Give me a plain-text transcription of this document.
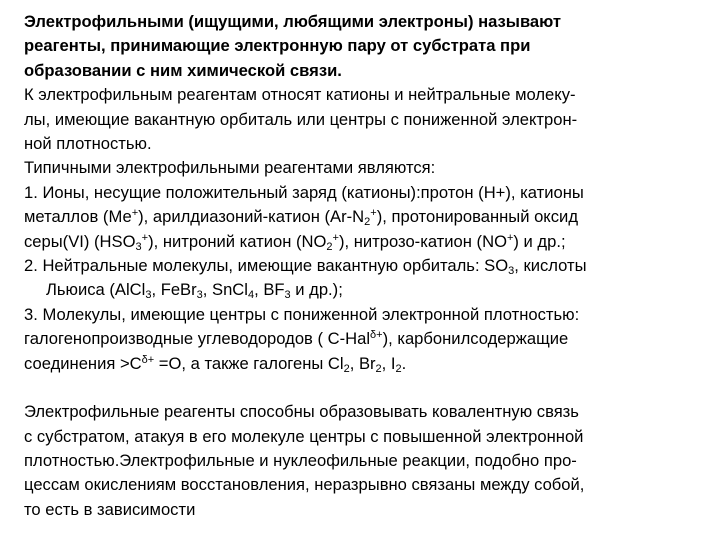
Электрофильными (ищущими, любящими электроны) называют
реагенты, принимающие электронную пару от субстрата при
образовании с ним химической связи.
К электрофильным реагентам относят катионы и нейтральные молеку-
лы, имеющие вакантную орбиталь или центры с пониженной электрон-
ной плотностью.
Типичными электрофильными реагентами являются:
1. Ионы, несущие положительный заряд (катионы):протон (Н+), катионы
металлов (Ме+), арилдиазоний-катион $(Ar-N_2^+)$, протонированный оксид
серы(VI) $(HSO_3^+)$, нитроний катион $(NO_2^+)$, нитрозо-катион (NO+) и др.;
2. Нейтральные молекулы, имеющие вакантную орбиталь: $SO_3$, кислоты
Льюиса (AlCl$_3$, FeBr$_3$, SnCl$_4$, $BF_3$ и др.);
3. Молекулы, имеющие центры с пониженной электронной плотностью:
галогенопроизводные углеводородов ( C-Hal$^{\delta+}$), карбонилсодержащие
соединения $>C^{\delta+} =O$, а также галогены $Cl_2$, $Br_2$, $I_2$.
Электрофильные реагенты способны образовывать ковалентную связь
с субстратом, атакуя в его молекуле центры с повышенной электронной
плотностью.Электрофильные и нуклеофильные реакции, подобно про-
цессам окислениям восстановления, неразрывно связаны между собой,
то есть в зависимости
